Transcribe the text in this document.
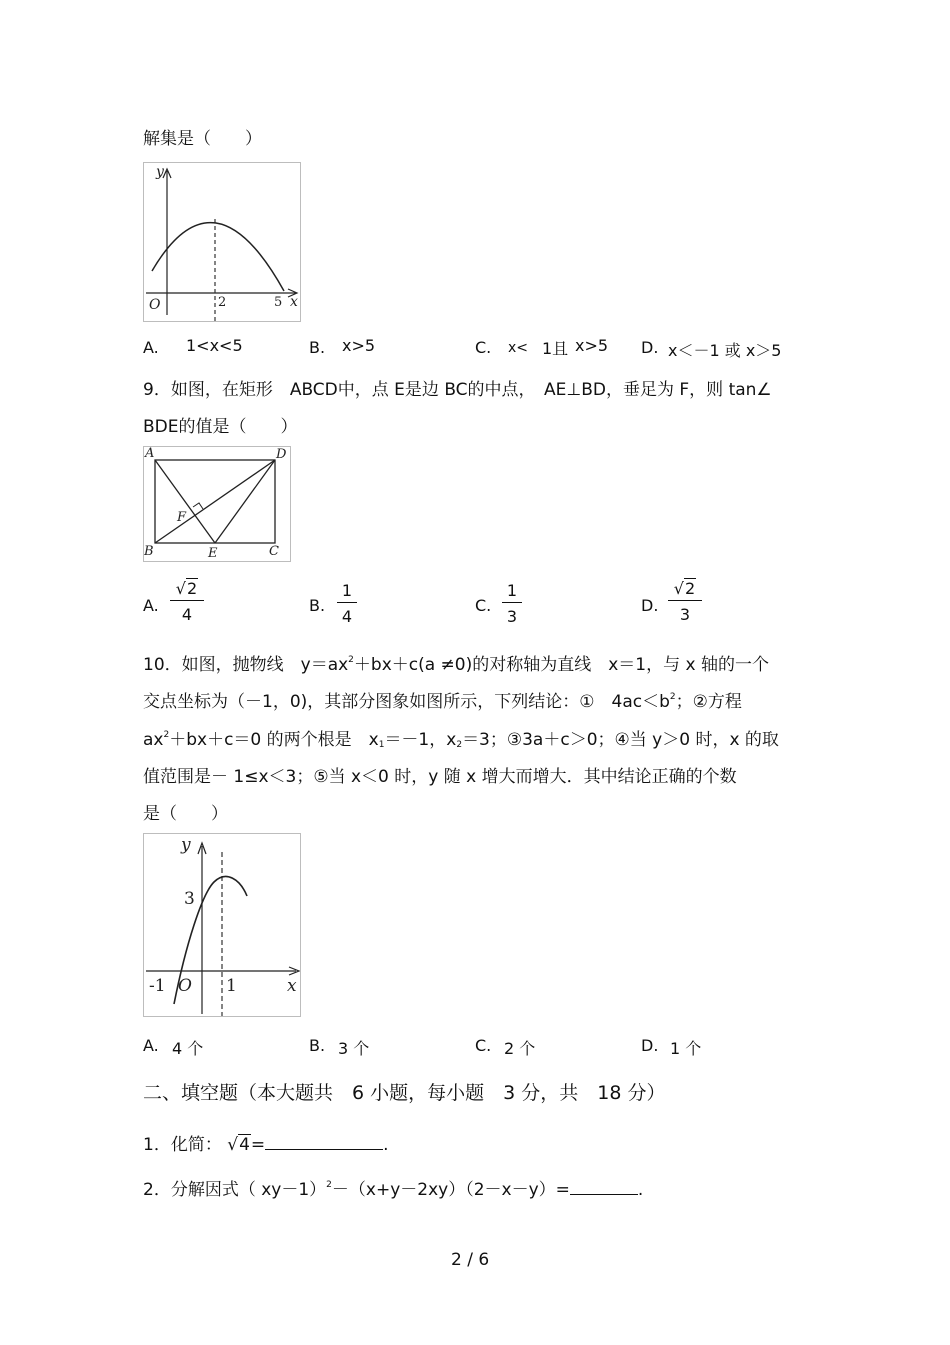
解集是（　　）
y
O	2	5 x
A. 1<x<5	B. x>5	C. x< 1且 x>5 D. x＜－1 或 x＞5
9．如图，在矩形　ABCD中，点 E是边 BC的中点，　AE⊥BD，垂足为 F，则 tan∠
BDE的值是（　　）
A	D
F
B	E	C
A.
√2
4	B.
1
4
C.
1
3
D.
√2
3
10．如图，抛物线　$y=ax^2+bx+c(a \ne 0)$的对称轴为直线　x＝1，与 x 轴的一个
交点坐标为（－1，0)，其部分图象如图所示，下列结论：①　$4ac<b^2$；②方程
$ax^2+bx+c=0$ 的两个根是　$x_1=-1$，$x_2=3$；③3a＋c＞0；④当 y＞0 时，x 的取
值范围是－ 1≤x＜3；⑤当 x＜0 时，y 随 x 增大而增大．其中结论正确的个数
是（　　）
y
3
-1 O 1	x
A. 4 个	B. 3 个	C. 2 个	D. 1 个
二、填空题（本大题共　6 小题，每小题　3 分，共　18 分）
1．化简： √4=	.
2．分解因式（ xy－1）$^2$－（x+y－2xy）（2－x－y）=	.
2 / 6
